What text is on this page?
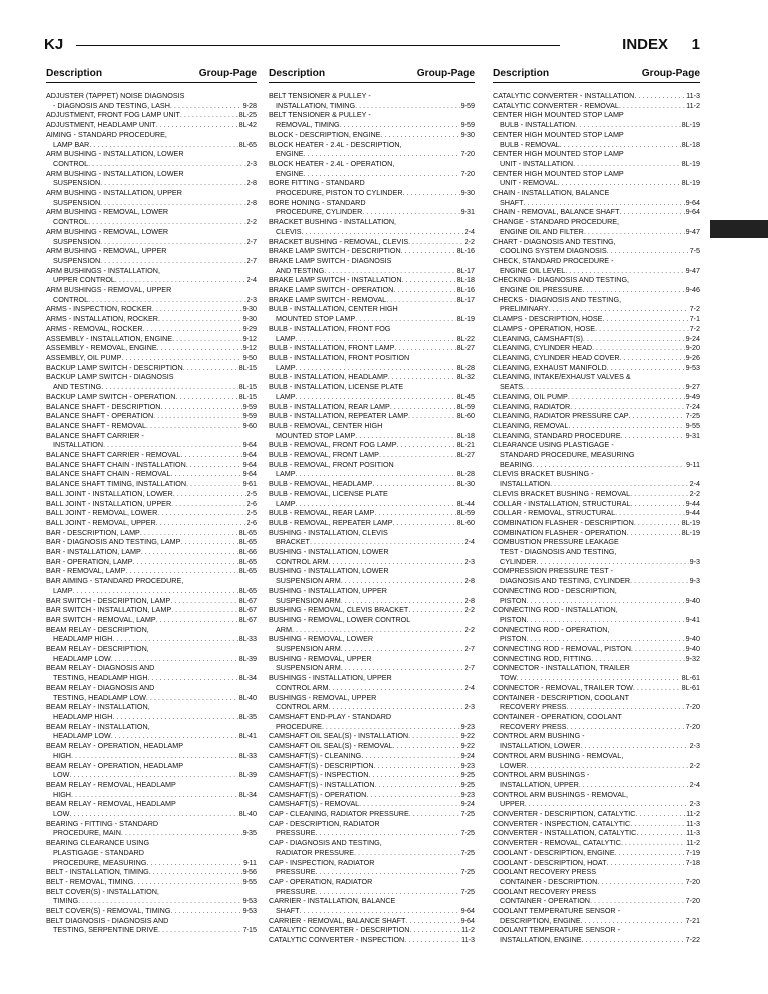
KJ	INDEX 1
Description	Group-Page
ADJUSTER (TAPPET) NOISE DIAGNOSIS
- DIAGNOSIS AND TESTING, LASH . . .	9-28
ADJUSTMENT, FRONT FOG LAMP UNIT . . .	8L-25
ADJUSTMENT, HEADLAMP UNIT . . .	8L-42
AIMING - STANDARD PROCEDURE,
LAMP BAR . . .	8L-65
ARM BUSHING - INSTALLATION, LOWER
CONTROL . . .	2-3
ARM BUSHING - INSTALLATION, LOWER
SUSPENSION . . .	2-8
ARM BUSHING - INSTALLATION, UPPER
SUSPENSION . . .	2-8
ARM BUSHING - REMOVAL, LOWER
CONTROL . . .	2-2
ARM BUSHING - REMOVAL, LOWER
SUSPENSION . . .	2-7
ARM BUSHING - REMOVAL, UPPER
SUSPENSION . . .	2-7
ARM BUSHINGS - INSTALLATION,
UPPER CONTROL . . .	2-4
ARM BUSHINGS - REMOVAL, UPPER
CONTROL . . .	2-3
ARMS - INSPECTION, ROCKER . . .	9-30
ARMS - INSTALLATION, ROCKER . . .	9-30
ARMS - REMOVAL, ROCKER . . .	9-29
ASSEMBLY - INSTALLATION, ENGINE . . .	9-12
ASSEMBLY - REMOVAL, ENGINE . . .	9-12
ASSEMBLY, OIL PUMP . . .	9-50
BACKUP LAMP SWITCH - DESCRIPTION . . .	8L-15
BACKUP LAMP SWITCH - DIAGNOSIS
AND TESTING . . .	8L-15
BACKUP LAMP SWITCH - OPERATION . . .	8L-15
BALANCE SHAFT - DESCRIPTION . . .	9-59
BALANCE SHAFT - OPERATION . . .	9-59
BALANCE SHAFT - REMOVAL . . .	9-60
BALANCE SHAFT CARRIER -
INSTALLATION . . .	9-64
BALANCE SHAFT CARRIER - REMOVAL . . .	9-64
BALANCE SHAFT CHAIN - INSTALLATION . . .	9-64
BALANCE SHAFT CHAIN - REMOVAL . . .	9-64
BALANCE SHAFT TIMING, INSTALLATION . . .	9-61
BALL JOINT - INSTALLATION, LOWER . . .	2-5
BALL JOINT - INSTALLATION, UPPER . . .	2-6
BALL JOINT - REMOVAL, LOWER . . .	2-5
BALL JOINT - REMOVAL, UPPER . . .	2-6
BAR - DESCRIPTION, LAMP . . .	8L-65
BAR - DIAGNOSIS AND TESTING, LAMP . . .	8L-65
BAR - INSTALLATION, LAMP . . .	8L-66
BAR - OPERATION, LAMP . . .	8L-65
BAR - REMOVAL, LAMP . . .	8L-65
BAR AIMING - STANDARD PROCEDURE,
LAMP . . .	8L-65
BAR SWITCH - DESCRIPTION, LAMP . . .	8L-67
BAR SWITCH - INSTALLATION, LAMP . . .	8L-67
BAR SWITCH - REMOVAL, LAMP . . .	8L-67
BEAM RELAY - DESCRIPTION,
HEADLAMP HIGH . . .	8L-33
BEAM RELAY - DESCRIPTION,
HEADLAMP LOW . . .	8L-39
BEAM RELAY - DIAGNOSIS AND
TESTING, HEADLAMP HIGH . . .	8L-34
BEAM RELAY - DIAGNOSIS AND
TESTING, HEADLAMP LOW . . .	8L-40
BEAM RELAY - INSTALLATION,
HEADLAMP HIGH . . .	8L-35
BEAM RELAY - INSTALLATION,
HEADLAMP LOW . . .	8L-41
BEAM RELAY - OPERATION, HEADLAMP
HIGH . . .	8L-33
BEAM RELAY - OPERATION, HEADLAMP
LOW . . .	8L-39
BEAM RELAY - REMOVAL, HEADLAMP
HIGH . . .	8L-34
BEAM RELAY - REMOVAL, HEADLAMP
LOW . . .	8L-40
BEARING - FITTING - STANDARD
PROCEDURE, MAIN . . .	9-35
BEARING CLEARANCE USING
PLASTIGAGE - STANDARD
PROCEDURE, MEASURING . . .	9-11
BELT - INSTALLATION, TIMING . . .	9-56
BELT - REMOVAL, TIMING . . .	9-55
BELT COVER(S) - INSTALLATION,
TIMING . . .	9-53
BELT COVER(S) - REMOVAL, TIMING . . .	9-53
BELT DIAGNOSIS - DIAGNOSIS AND
TESTING, SERPENTINE DRIVE . . .	7-15
Description	Group-Page
BELT TENSIONER & PULLEY -
INSTALLATION, TIMING . . .	9-59
BELT TENSIONER & PULLEY -
REMOVAL, TIMING . . .	9-59
BLOCK - DESCRIPTION, ENGINE . . .	9-30
BLOCK HEATER - 2.4L - DESCRIPTION,
ENGINE . . .	7-20
BLOCK HEATER - 2.4L - OPERATION,
ENGINE . . .	7-20
BORE FITTING - STANDARD
PROCEDURE, PISTON TO CYLINDER . . .	9-30
BORE HONING - STANDARD
PROCEDURE, CYLINDER . . .	9-31
BRACKET BUSHING - INSTALLATION,
CLEVIS . . .	2-4
BRACKET BUSHING - REMOVAL, CLEVIS . . .	2-2
BRAKE LAMP SWITCH - DESCRIPTION . . .	8L-16
BRAKE LAMP SWITCH - DIAGNOSIS
AND TESTING . . .	8L-17
BRAKE LAMP SWITCH - INSTALLATION . . .	8L-18
BRAKE LAMP SWITCH - OPERATION . . .	8L-16
BRAKE LAMP SWITCH - REMOVAL . . .	8L-17
BULB - INSTALLATION, CENTER HIGH
MOUNTED STOP LAMP . . .	8L-19
BULB - INSTALLATION, FRONT FOG
LAMP . . .	8L-22
BULB - INSTALLATION, FRONT LAMP . . .	8L-27
BULB - INSTALLATION, FRONT POSITION
LAMP . . .	8L-28
BULB - INSTALLATION, HEADLAMP . . .	8L-32
BULB - INSTALLATION, LICENSE PLATE
LAMP . . .	8L-45
BULB - INSTALLATION, REAR LAMP . . .	8L-59
BULB - INSTALLATION, REPEATER LAMP . . .	8L-60
BULB - REMOVAL, CENTER HIGH
MOUNTED STOP LAMP . . .	8L-18
BULB - REMOVAL, FRONT FOG LAMP . . .	8L-21
BULB - REMOVAL, FRONT LAMP . . .	8L-27
BULB - REMOVAL, FRONT POSITION
LAMP . . .	8L-28
BULB - REMOVAL, HEADLAMP . . .	8L-30
BULB - REMOVAL, LICENSE PLATE
LAMP . . .	8L-44
BULB - REMOVAL, REAR LAMP . . .	8L-59
BULB - REMOVAL, REPEATER LAMP . . .	8L-60
BUSHING - INSTALLATION, CLEVIS
BRACKET . . .	2-4
BUSHING - INSTALLATION, LOWER
CONTROL ARM . . .	2-3
BUSHING - INSTALLATION, LOWER
SUSPENSION ARM . . .	2-8
BUSHING - INSTALLATION, UPPER
SUSPENSION ARM . . .	2-8
BUSHING - REMOVAL, CLEVIS BRACKET . . .	2-2
BUSHING - REMOVAL, LOWER CONTROL
ARM . . .	2-2
BUSHING - REMOVAL, LOWER
SUSPENSION ARM . . .	2-7
BUSHING - REMOVAL, UPPER
SUSPENSION ARM . . .	2-7
BUSHINGS - INSTALLATION, UPPER
CONTROL ARM . . .	2-4
BUSHINGS - REMOVAL, UPPER
CONTROL ARM . . .	2-3
CAMSHAFT END-PLAY - STANDARD
PROCEDURE . . .	9-23
CAMSHAFT OIL SEAL(S) - INSTALLATION . . .	9-22
CAMSHAFT OIL SEAL(S) - REMOVAL . . .	9-22
CAMSHAFT(S) - CLEANING . . .	9-24
CAMSHAFT(S) - DESCRIPTION . . .	9-23
CAMSHAFT(S) - INSPECTION . . .	9-25
CAMSHAFT(S) - INSTALLATION . . .	9-25
CAMSHAFT(S) - OPERATION . . .	9-23
CAMSHAFT(S) - REMOVAL . . .	9-24
CAP - CLEANING, RADIATOR PRESSURE . . .	7-25
CAP - DESCRIPTION, RADIATOR
PRESSURE . . .	7-25
CAP - DIAGNOSIS AND TESTING,
RADIATOR PRESSURE . . .	7-25
CAP - INSPECTION, RADIATOR
PRESSURE . . .	7-25
CAP - OPERATION, RADIATOR
PRESSURE . . .	7-25
CARRIER - INSTALLATION, BALANCE
SHAFT . . .	9-64
CARRIER - REMOVAL, BALANCE SHAFT . . .	9-64
CATALYTIC CONVERTER - DESCRIPTION . . .	11-2
CATALYTIC CONVERTER - INSPECTION . . .	11-3
Description	Group-Page
CATALYTIC CONVERTER - INSTALLATION . . .	11-3
CATALYTIC CONVERTER - REMOVAL . . .	11-2
CENTER HIGH MOUNTED STOP LAMP
BULB - INSTALLATION . . .	8L-19
CENTER HIGH MOUNTED STOP LAMP
BULB - REMOVAL . . .	8L-18
CENTER HIGH MOUNTED STOP LAMP
UNIT - INSTALLATION . . .	8L-19
CENTER HIGH MOUNTED STOP LAMP
UNIT - REMOVAL . . .	8L-19
CHAIN - INSTALLATION, BALANCE
SHAFT . . .	9-64
CHAIN - REMOVAL, BALANCE SHAFT . . .	9-64
CHANGE - STANDARD PROCEDURE,
ENGINE OIL AND FILTER . . .	9-47
CHART - DIAGNOSIS AND TESTING,
COOLING SYSTEM DIAGNOSIS . . .	7-5
CHECK, STANDARD PROCEDURE -
ENGINE OIL LEVEL . . .	9-47
CHECKING - DIAGNOSIS AND TESTING,
ENGINE OIL PRESSURE . . .	9-46
CHECKS - DIAGNOSIS AND TESTING,
PRELIMINARY . . .	7-2
CLAMPS - DESCRIPTION, HOSE . . .	7-1
CLAMPS - OPERATION, HOSE . . .	7-2
CLEANING, CAMSHAFT(S) . . .	9-24
CLEANING, CYLINDER HEAD . . .	9-20
CLEANING, CYLINDER HEAD COVER . . .	9-26
CLEANING, EXHAUST MANIFOLD . . .	9-53
CLEANING, INTAKE/EXHAUST VALVES &
SEATS . . .	9-27
CLEANING, OIL PUMP . . .	9-49
CLEANING, RADIATOR . . .	7-24
CLEANING, RADIATOR PRESSURE CAP . . .	7-25
CLEANING, REMOVAL . . .	9-55
CLEANING, STANDARD PROCEDURE . . .	9-31
CLEARANCE USING PLASTIGAGE -
STANDARD PROCEDURE, MEASURING
BEARING . . .	9-11
CLEVIS BRACKET BUSHING -
INSTALLATION . . .	2-4
CLEVIS BRACKET BUSHING - REMOVAL . . .	2-2
COLLAR - INSTALLATION, STRUCTURAL . . .	9-44
COLLAR - REMOVAL, STRUCTURAL . . .	9-44
COMBINATION FLASHER - DESCRIPTION . . .	8L-19
COMBINATION FLASHER - OPERATION . . .	8L-19
COMBUSTION PRESSURE LEAKAGE
TEST - DIAGNOSIS AND TESTING,
CYLINDER . . .	9-3
COMPRESSION PRESSURE TEST -
DIAGNOSIS AND TESTING, CYLINDER . . .	9-3
CONNECTING ROD - DESCRIPTION,
PISTON . . .	9-40
CONNECTING ROD - INSTALLATION,
PISTON . . .	9-41
CONNECTING ROD - OPERATION,
PISTON . . .	9-40
CONNECTING ROD - REMOVAL, PISTON . . .	9-40
CONNECTING ROD, FITTING . . .	9-32
CONNECTOR - INSTALLATION, TRAILER
TOW . . .	8L-61
CONNECTOR - REMOVAL, TRAILER TOW . . .	8L-61
CONTAINER - DESCRIPTION, COOLANT
RECOVERY PRESS . . .	7-20
CONTAINER - OPERATION, COOLANT
RECOVERY PRESS . . .	7-20
CONTROL ARM BUSHING -
INSTALLATION, LOWER . . .	2-3
CONTROL ARM BUSHING - REMOVAL,
LOWER . . .	2-2
CONTROL ARM BUSHINGS -
INSTALLATION, UPPER . . .	2-4
CONTROL ARM BUSHINGS - REMOVAL,
UPPER . . .	2-3
CONVERTER - DESCRIPTION, CATALYTIC . . .	11-2
CONVERTER - INSPECTION, CATALYTIC . . .	11-3
CONVERTER - INSTALLATION, CATALYTIC . . .	11-3
CONVERTER - REMOVAL, CATALYTIC . . .	11-2
COOLANT - DESCRIPTION, ENGINE . . .	7-19
COOLANT - DESCRIPTION, HOAT . . .	7-18
COOLANT RECOVERY PRESS
CONTAINER - DESCRIPTION . . .	7-20
COOLANT RECOVERY PRESS
CONTAINER - OPERATION . . .	7-20
COOLANT TEMPERATURE SENSOR -
DESCRIPTION, ENGINE . . .	7-21
COOLANT TEMPERATURE SENSOR -
INSTALLATION, ENGINE . . .	7-22
